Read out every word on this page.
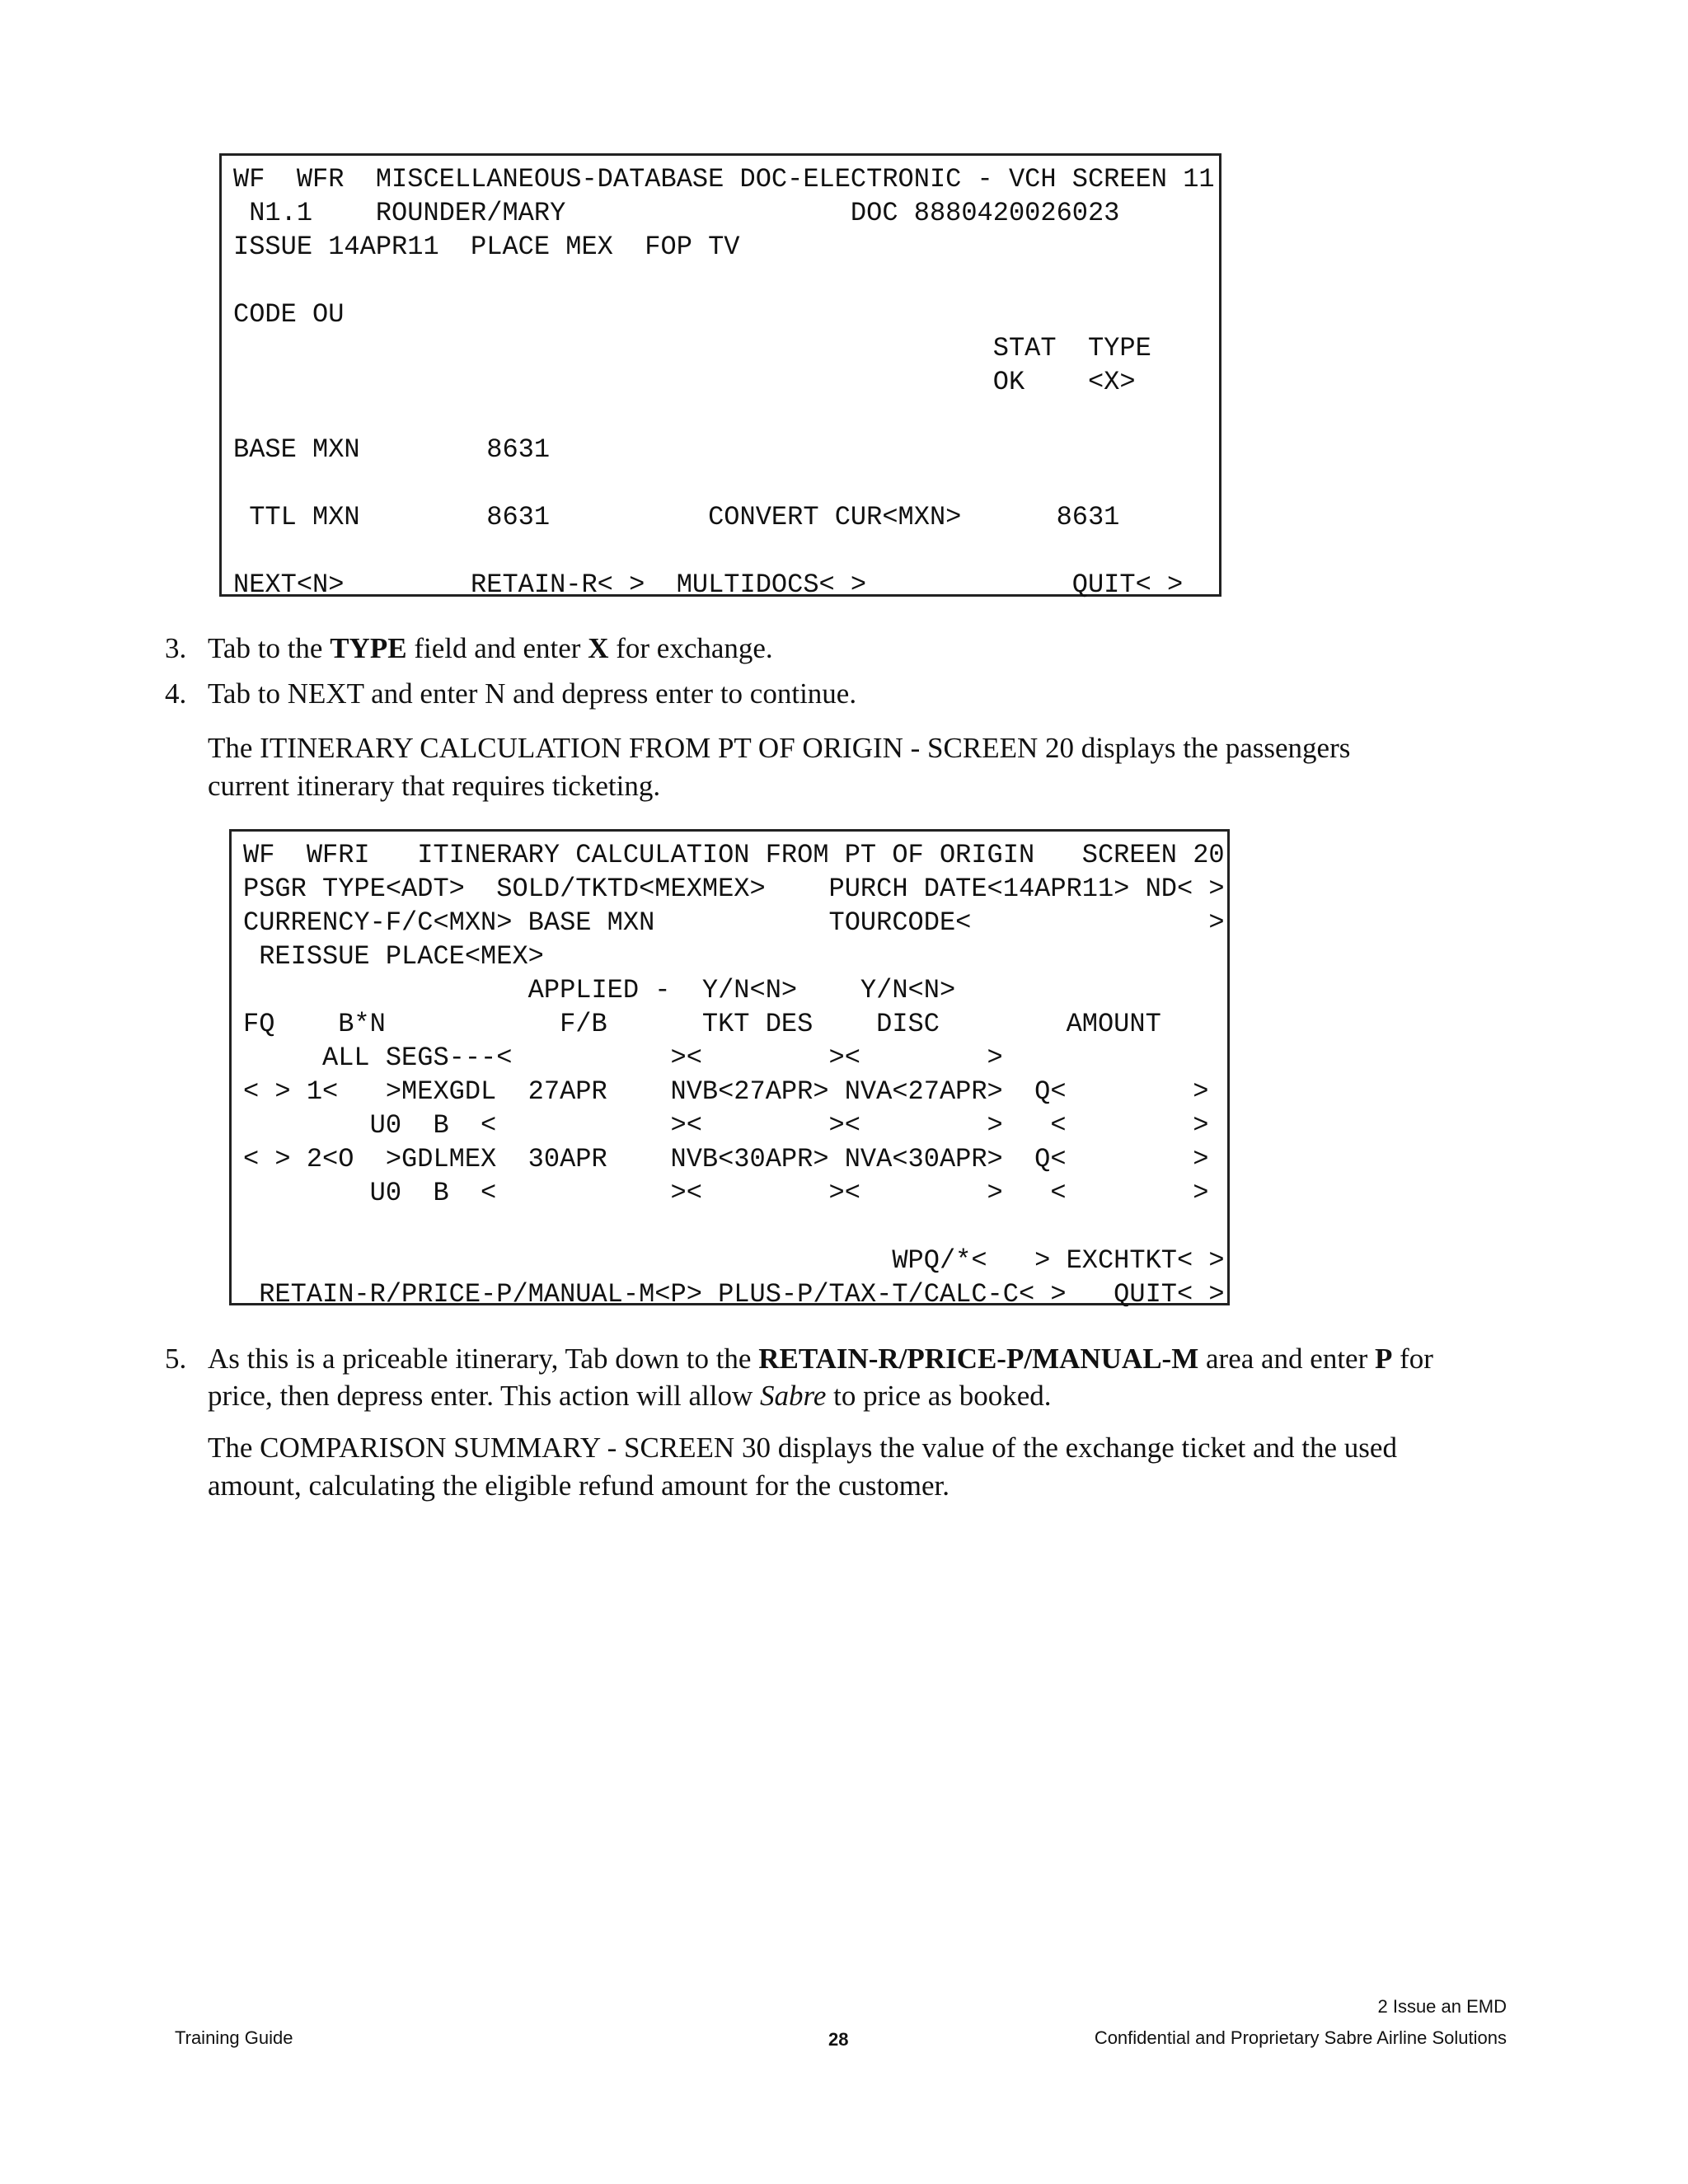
WF  WFR  MISCELLANEOUS-DATABASE DOC-ELECTRONIC - VCH SCREEN 11
N1.1    ROUNDER/MARY                  DOC 8880420026023
ISSUE 14APR11  PLACE MEX  FOP TV
CODE OU
STAT  TYPE
OK    <X>
BASE MXN        8631
TTL MXN        8631          CONVERT CUR<MXN>      8631
NEXT<N>        RETAIN-R< >  MULTIDOCS< >             QUIT< >
3. Tab to the TYPE field and enter X for exchange.
4. Tab to NEXT and enter N and depress enter to continue.
The ITINERARY CALCULATION FROM PT OF ORIGIN - SCREEN 20 displays the passengers
current itinerary that requires ticketing.
WF  WFRI   ITINERARY CALCULATION FROM PT OF ORIGIN   SCREEN 20
PSGR TYPE<ADT>  SOLD/TKTD<MEXMEX>    PURCH DATE<14APR11> ND< >
CURRENCY-F/C<MXN> BASE MXN           TOURCODE<               >
REISSUE PLACE<MEX>
APPLIED -  Y/N<N>    Y/N<N>
FQ    B*N           F/B      TKT DES    DISC        AMOUNT
ALL SEGS---<          ><        ><        >
< > 1<   >MEXGDL  27APR    NVB<27APR> NVA<27APR>  Q<        >
U0  B  <           ><        ><        >   <        >
< > 2<O  >GDLMEX  30APR    NVB<30APR> NVA<30APR>  Q<        >
U0  B  <           ><        ><        >   <        >
WPQ/*<   > EXCHTKT< >
RETAIN-R/PRICE-P/MANUAL-M<P> PLUS-P/TAX-T/CALC-C< >   QUIT< >
5. As this is a priceable itinerary, Tab down to the RETAIN-R/PRICE-P/MANUAL-M area and enter P for
price, then depress enter. This action will allow Sabre to price as booked.
The COMPARISON SUMMARY - SCREEN 30 displays the value of the exchange ticket and the used
amount, calculating the eligible refund amount for the customer.
2 Issue an EMD
Training Guide	28	Confidential and Proprietary Sabre Airline Solutions
